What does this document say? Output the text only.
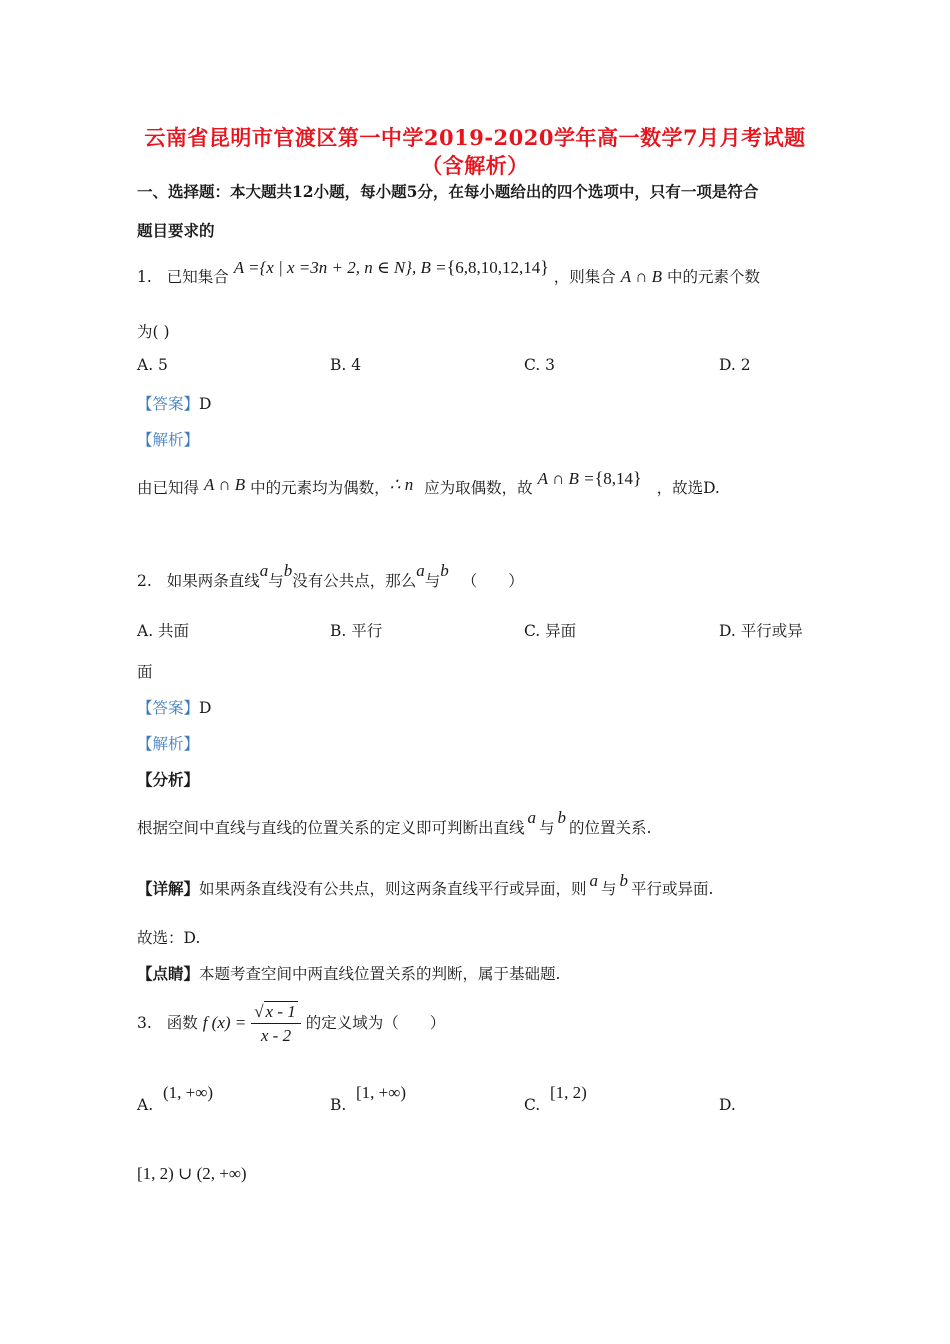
云南省昆明市官渡区第一中学2019-2020学年高一数学7月月考试题
（含解析）
一、选择题：本大题共12小题，每小题5分，在每小题给出的四个选项中，只有一项是符合
题目要求的
1. 已知集合 A ={x | x =3n + 2, n ∈ N}, B ={6,8,10,12,14} ，则集合 A ∩ B 中的元素个数
为( )
A. 5	B. 4	C. 3	D. 2
【答案】D
【解析】
由已知得 A ∩ B 中的元素均为偶数，∴ n 应为取偶数，故 A ∩ B ={8,14} ，故选D.
2. 如果两条直线a与b没有公共点，那么a与b （　　）
A. 共面	B. 平行	C. 异面	D. 平行或异
面
【答案】D
【解析】
【分析】
根据空间中直线与直线的位置关系的定义即可判断出直线a与b的位置关系.
【详解】如果两条直线没有公共点，则这两条直线平行或异面，则 a 与 b 平行或异面.
故选：D.
【点睛】本题考查空间中两直线位置关系的判断，属于基础题.
3. 函数 f $(x) = \frac{√ x - 1}{x - 2}$ 的定义域为（　　）
A.
(1, +∞)
B.
[1, +∞)
C.
[1, 2)
D.
[1, 2) ∪ (2, +∞)
